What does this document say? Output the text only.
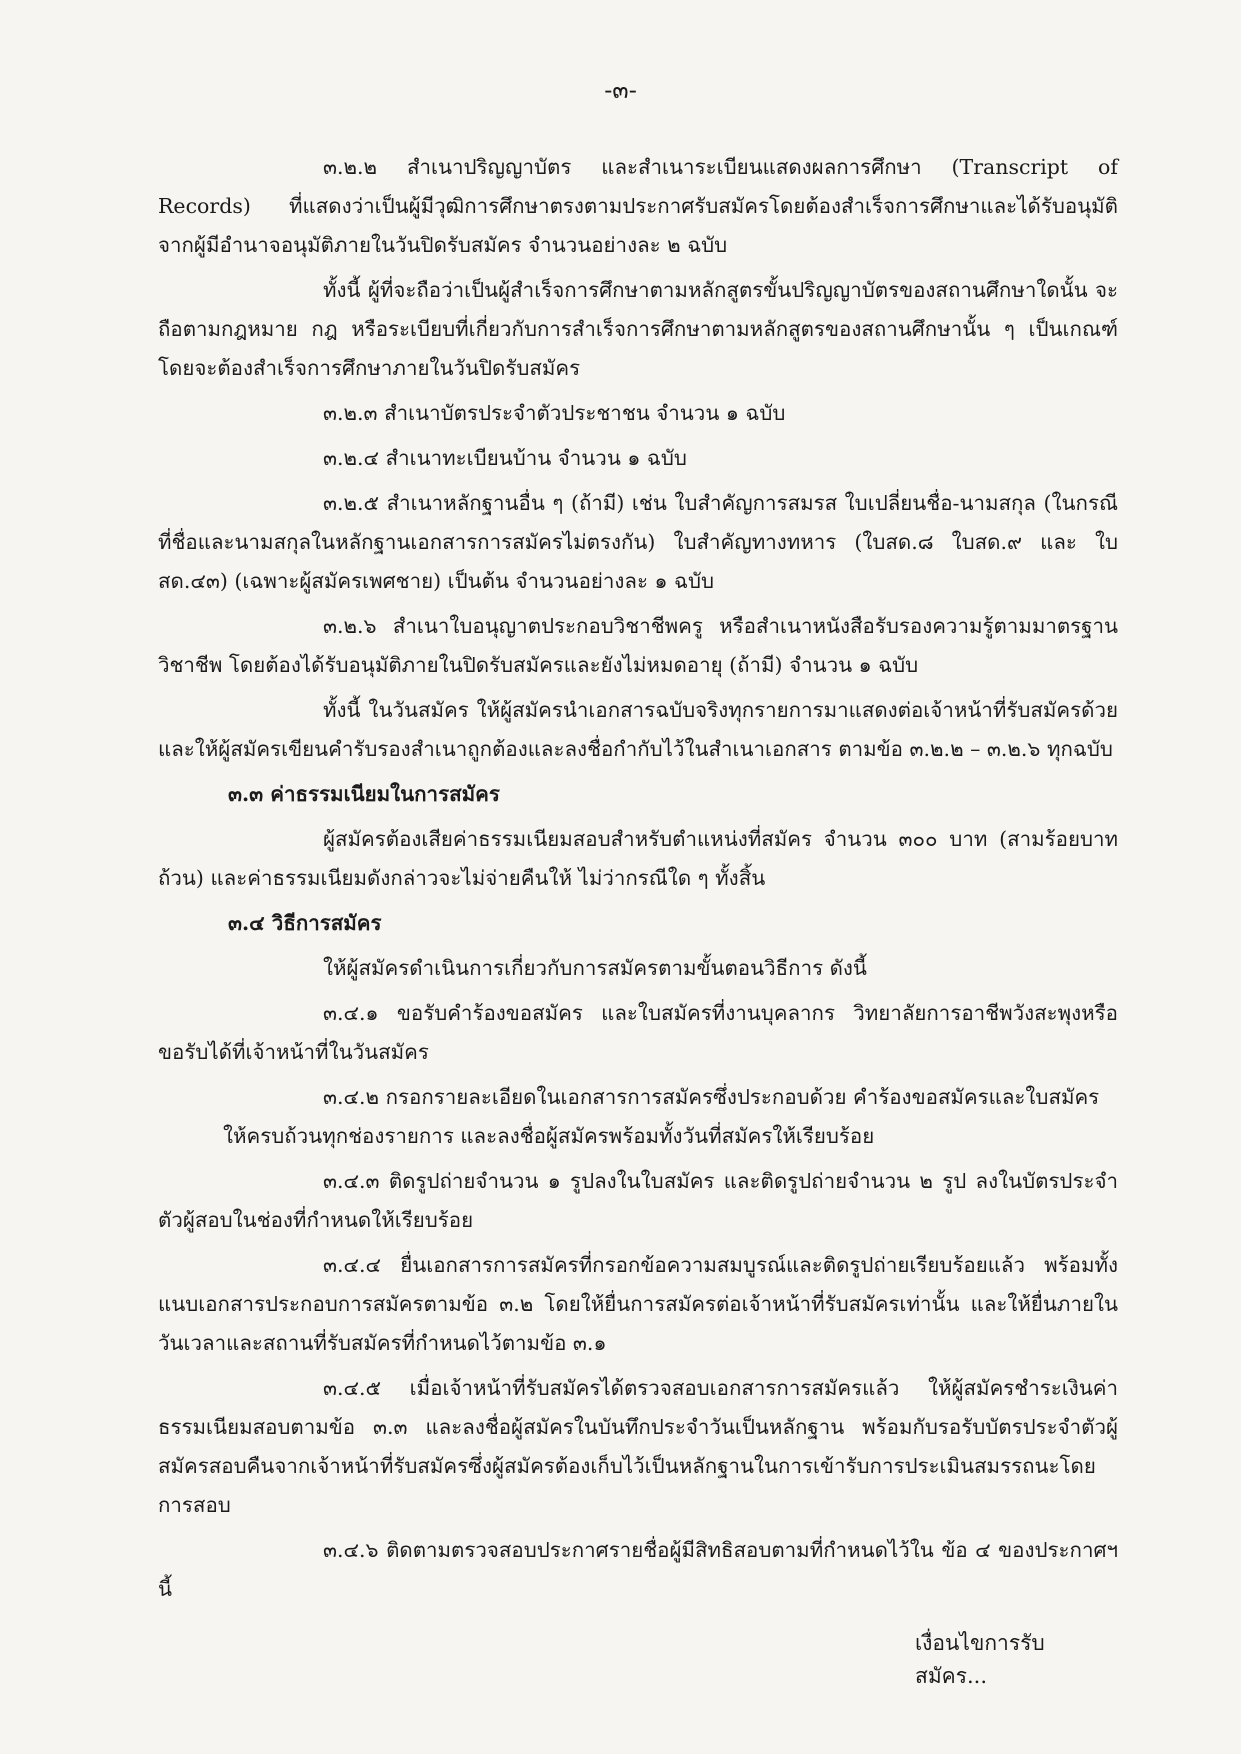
-๓-

๓.๒.๒ สำเนาปริญญาบัตร และสำเนาระเบียนแสดงผลการศึกษา (Transcript of Records) ที่แสดงว่าเป็นผู้มีวุฒิการศึกษาตรงตามประกาศรับสมัครโดยต้องสำเร็จการศึกษาและได้รับอนุมัติจากผู้มีอำนาจอนุมัติภายในวันปิดรับสมัคร จำนวนอย่างละ ๒ ฉบับ

ทั้งนี้ ผู้ที่จะถือว่าเป็นผู้สำเร็จการศึกษาตามหลักสูตรขั้นปริญญาบัตรของสถานศึกษาใดนั้น จะถือตามกฎหมาย กฎ หรือระเบียบที่เกี่ยวกับการสำเร็จการศึกษาตามหลักสูตรของสถานศึกษานั้น ๆ เป็นเกณฑ์ โดยจะต้องสำเร็จการศึกษาภายในวันปิดรับสมัคร

๓.๒.๓ สำเนาบัตรประจำตัวประชาชน จำนวน ๑ ฉบับ

๓.๒.๔ สำเนาทะเบียนบ้าน จำนวน ๑ ฉบับ

๓.๒.๕ สำเนาหลักฐานอื่น ๆ (ถ้ามี) เช่น ใบสำคัญการสมรส ใบเปลี่ยนชื่อ-นามสกุล (ในกรณีที่ชื่อและนามสกุลในหลักฐานเอกสารการสมัครไม่ตรงกัน) ใบสำคัญทางทหาร (ใบสด.๘ ใบสด.๙ และ ใบ สด.๔๓) (เฉพาะผู้สมัครเพศชาย) เป็นต้น จำนวนอย่างละ ๑ ฉบับ

๓.๒.๖ สำเนาใบอนุญาตประกอบวิชาชีพครู หรือสำเนาหนังสือรับรองความรู้ตามมาตรฐานวิชาชีพ โดยต้องได้รับอนุมัติภายในปิดรับสมัครและยังไม่หมดอายุ (ถ้ามี) จำนวน ๑ ฉบับ

ทั้งนี้ ในวันสมัคร ให้ผู้สมัครนำเอกสารฉบับจริงทุกรายการมาแสดงต่อเจ้าหน้าที่รับสมัครด้วย และให้ผู้สมัครเขียนคำรับรองสำเนาถูกต้องและลงชื่อกำกับไว้ในสำเนาเอกสาร ตามข้อ ๓.๒.๒ – ๓.๒.๖ ทุกฉบับ

๓.๓ ค่าธรรมเนียมในการสมัคร

ผู้สมัครต้องเสียค่าธรรมเนียมสอบสำหรับตำแหน่งที่สมัคร จำนวน ๓๐๐ บาท (สามร้อยบาทถ้วน) และค่าธรรมเนียมดังกล่าวจะไม่จ่ายคืนให้ ไม่ว่ากรณีใด ๆ ทั้งสิ้น

๓.๔ วิธีการสมัคร

ให้ผู้สมัครดำเนินการเกี่ยวกับการสมัครตามขั้นตอนวิธีการ ดังนี้

๓.๔.๑ ขอรับคำร้องขอสมัคร และใบสมัครที่งานบุคลากร วิทยาลัยการอาชีพวังสะพุงหรือขอรับได้ที่เจ้าหน้าที่ในวันสมัคร

๓.๔.๒ กรอกรายละเอียดในเอกสารการสมัครซึ่งประกอบด้วย คำร้องขอสมัครและใบสมัคร

ให้ครบถ้วนทุกช่องรายการ และลงชื่อผู้สมัครพร้อมทั้งวันที่สมัครให้เรียบร้อย

๓.๔.๓ ติดรูปถ่ายจำนวน ๑ รูปลงในใบสมัคร และติดรูปถ่ายจำนวน ๒ รูป ลงในบัตรประจำตัวผู้สอบในช่องที่กำหนดให้เรียบร้อย

๓.๔.๔ ยื่นเอกสารการสมัครที่กรอกข้อความสมบูรณ์และติดรูปถ่ายเรียบร้อยแล้ว พร้อมทั้งแนบเอกสารประกอบการสมัครตามข้อ ๓.๒ โดยให้ยื่นการสมัครต่อเจ้าหน้าที่รับสมัครเท่านั้น และให้ยื่นภายในวันเวลาและสถานที่รับสมัครที่กำหนดไว้ตามข้อ ๓.๑

๓.๔.๕ เมื่อเจ้าหน้าที่รับสมัครได้ตรวจสอบเอกสารการสมัครแล้ว ให้ผู้สมัครชำระเงินค่าธรรมเนียมสอบตามข้อ ๓.๓ และลงชื่อผู้สมัครในบันทึกประจำวันเป็นหลักฐาน พร้อมกับรอรับบัตรประจำตัวผู้สมัครสอบคืนจากเจ้าหน้าที่รับสมัครซึ่งผู้สมัครต้องเก็บไว้เป็นหลักฐานในการเข้ารับการประเมินสมรรถนะโดยการสอบ

๓.๔.๖ ติดตามตรวจสอบประกาศรายชื่อผู้มีสิทธิสอบตามที่กำหนดไว้ใน ข้อ ๔ ของประกาศฯ นี้

เงื่อนไขการรับสมัคร...
